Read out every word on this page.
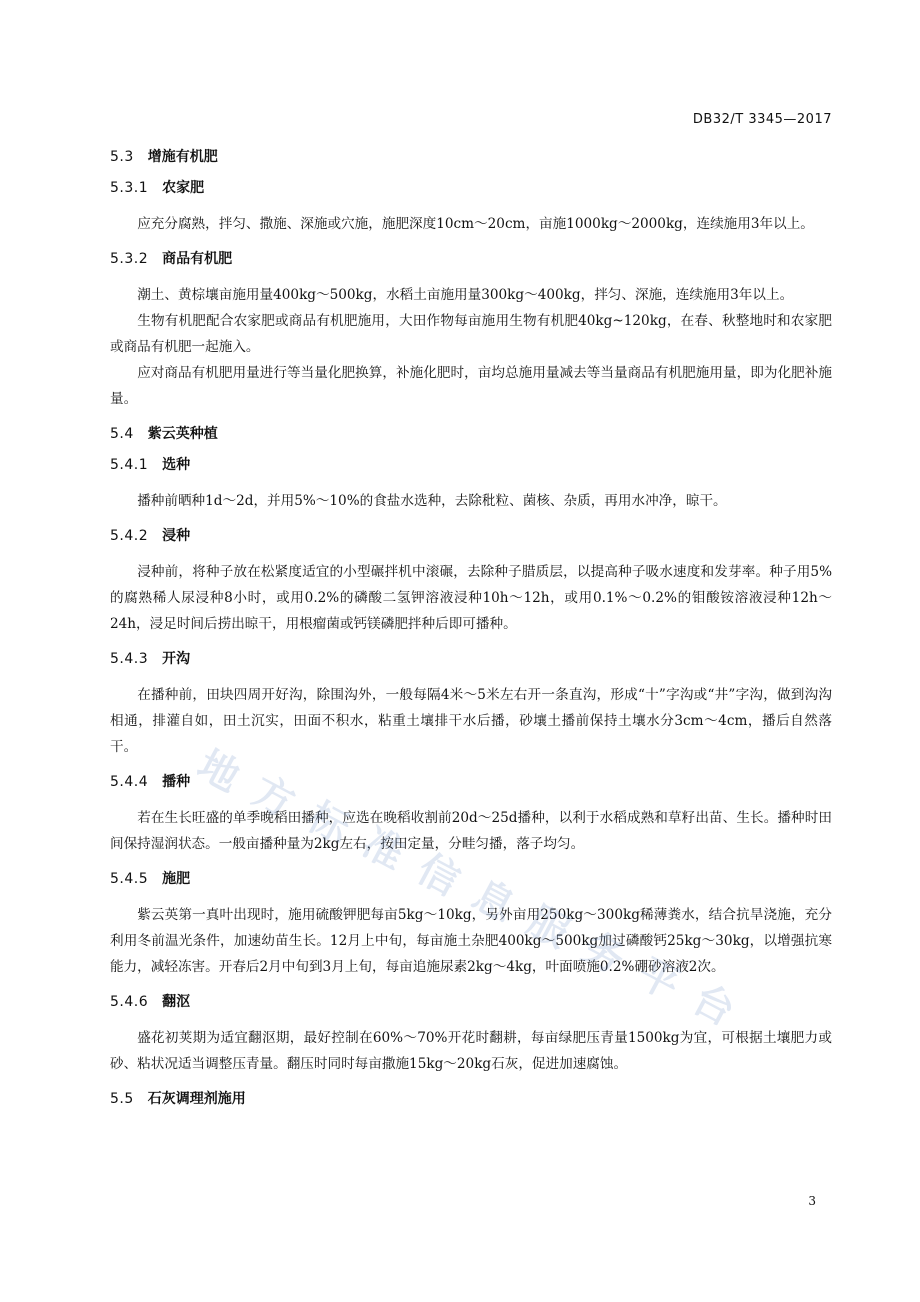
DB32/T 3345—2017
5.3 增施有机肥
5.3.1 农家肥

应充分腐熟，拌匀、撒施、深施或穴施，施肥深度10cm～20cm，亩施1000kg～2000kg，连续施用3年以上。

5.3.2 商品有机肥

潮土、黄棕壤亩施用量400kg～500kg，水稻土亩施用量300kg～400kg，拌匀、深施，连续施用3年以上。

生物有机肥配合农家肥或商品有机肥施用，大田作物每亩施用生物有机肥40kg~120kg，在春、秋整地时和农家肥或商品有机肥一起施入。

应对商品有机肥用量进行等当量化肥换算，补施化肥时，亩均总施用量减去等当量商品有机肥施用量，即为化肥补施量。

5.4 紫云英种植
5.4.1 选种

播种前晒种1d～2d，并用5%～10%的食盐水选种，去除秕粒、菌核、杂质，再用水冲净，晾干。

5.4.2 浸种

浸种前，将种子放在松紧度适宜的小型碾拌机中滚碾，去除种子腊质层，以提高种子吸水速度和发芽率。种子用5%的腐熟稀人尿浸种8小时，或用0.2%的磷酸二氢钾溶液浸种10h～12h，或用0.1%～0.2%的钼酸铵溶液浸种12h～24h，浸足时间后捞出晾干，用根瘤菌或钙镁磷肥拌种后即可播种。

5.4.3 开沟

在播种前，田块四周开好沟，除围沟外，一般每隔4米～5米左右开一条直沟，形成“十”字沟或“井”字沟，做到沟沟相通，排灌自如，田土沉实，田面不积水，粘重土壤排干水后播，砂壤土播前保持土壤水分3cm～4cm，播后自然落干。

5.4.4 播种

若在生长旺盛的单季晚稻田播种，应选在晚稻收割前20d～25d播种，以利于水稻成熟和草籽出苗、生长。播种时田间保持湿润状态。一般亩播种量为2kg左右，按田定量，分畦匀播，落子均匀。

5.4.5 施肥

紫云英第一真叶出现时，施用硫酸钾肥每亩5kg～10kg，另外亩用250kg～300kg稀薄粪水，结合抗旱浇施，充分利用冬前温光条件，加速幼苗生长。12月上中旬，每亩施土杂肥400kg～500kg加过磷酸钙25kg～30kg，以增强抗寒能力，减轻冻害。开春后2月中旬到3月上旬，每亩追施尿素2kg～4kg，叶面喷施0.2%硼砂溶液2次。

5.4.6 翻沤

盛花初荚期为适宜翻沤期，最好控制在60%～70%开花时翻耕，每亩绿肥压青量1500kg为宜，可根据土壤肥力或砂、粘状况适当调整压青量。翻压时同时每亩撒施15kg～20kg石灰，促进加速腐蚀。

5.5 石灰调理剂施用
3
地
方
标
准
信
息
服
务
平
台
